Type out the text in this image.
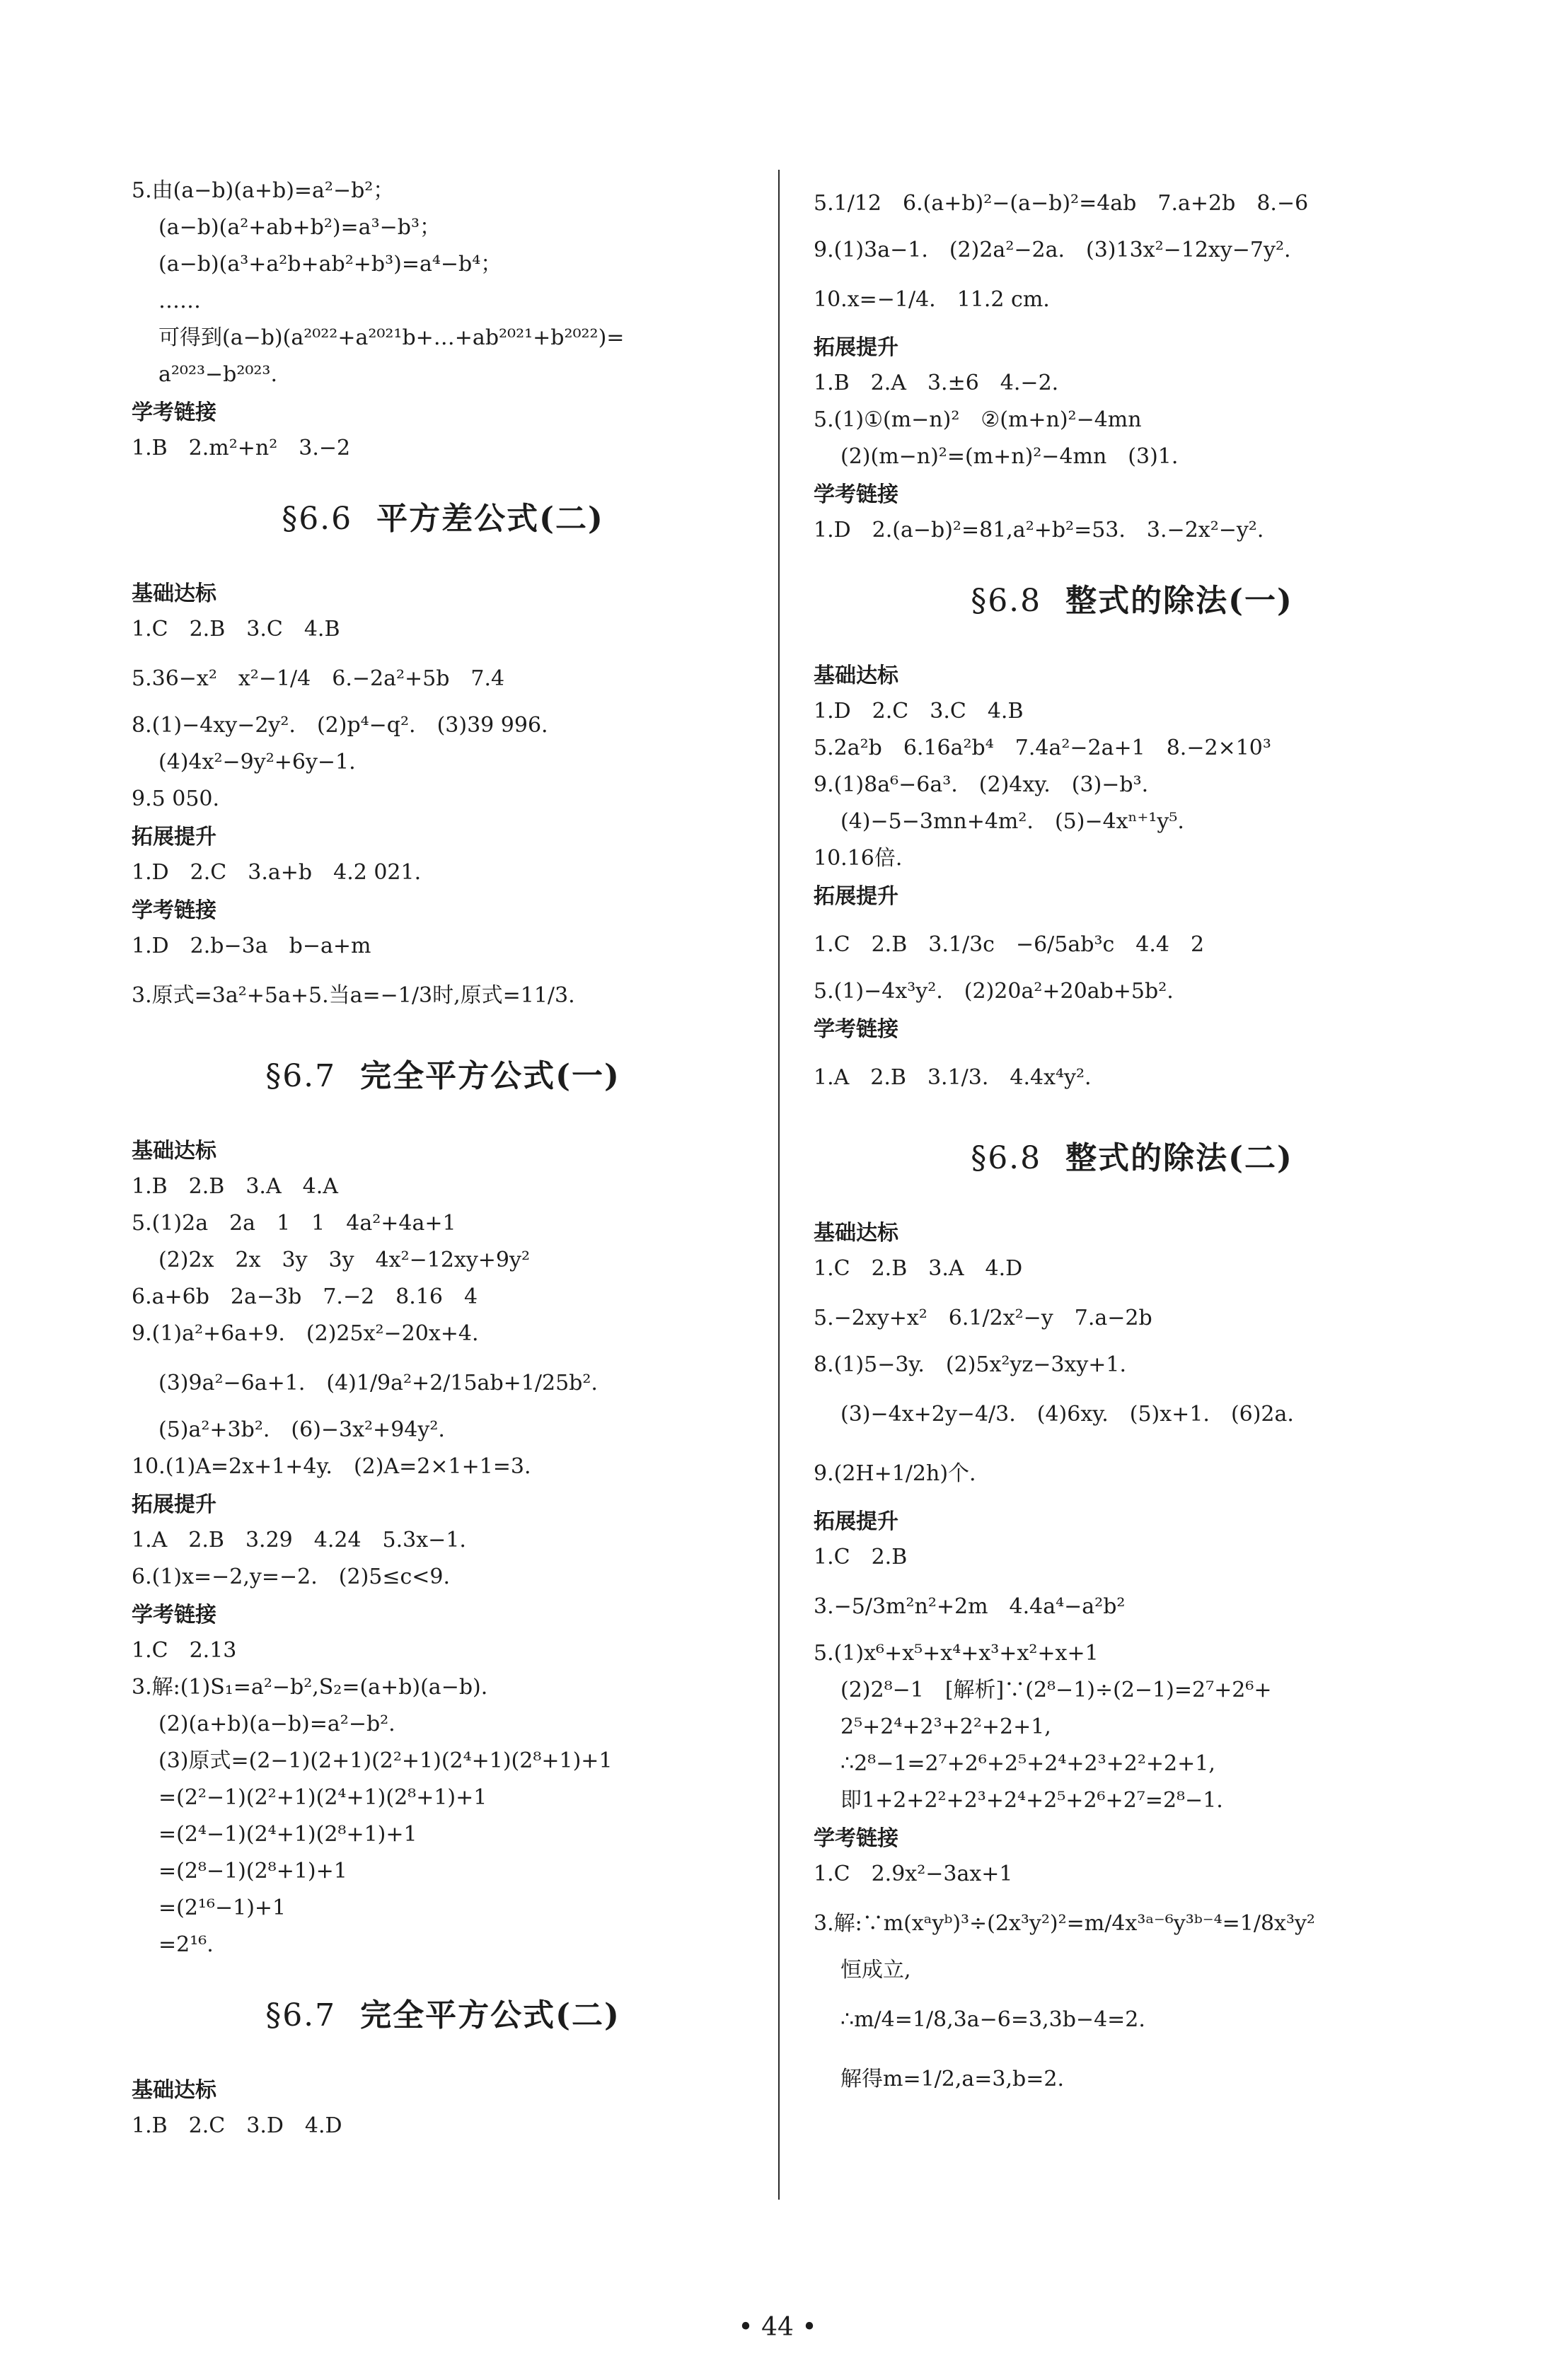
5.由(a−b)(a+b)=a²−b²；
(a−b)(a²+ab+b²)=a³−b³；
(a−b)(a³+a²b+ab²+b³)=a⁴−b⁴；
……
可得到(a−b)(a²⁰²²+a²⁰²¹b+…+ab²⁰²¹+b²⁰²²)=
a²⁰²³−b²⁰²³.
学考链接
1.B　2.m²+n²　3.−2
§6.6 平方差公式(二)
基础达标
1.C　2.B　3.C　4.B
5.36−x²　x²−1/4　6.−2a²+5b　7.4
8.(1)−4xy−2y².　(2)p⁴−q².　(3)39 996.
(4)4x²−9y²+6y−1.
9.5 050.
拓展提升
1.D　2.C　3.a+b　4.2 021.
学考链接
1.D　2.b−3a　b−a+m
3.原式=3a²+5a+5.当a=−1/3时,原式=11/3.
§6.7 完全平方公式(一)
基础达标
1.B　2.B　3.A　4.A
5.(1)2a　2a　1　1　4a²+4a+1
(2)2x　2x　3y　3y　4x²−12xy+9y²
6.a+6b　2a−3b　7.−2　8.16　4
9.(1)a²+6a+9.　(2)25x²−20x+4.
(3)9a²−6a+1.　(4)1/9a²+2/15ab+1/25b².
(5)a²+3b².　(6)−3x²+94y².
10.(1)A=2x+1+4y.　(2)A=2×1+1=3.
拓展提升
1.A　2.B　3.29　4.24　5.3x−1.
6.(1)x=−2,y=−2.　(2)5≤c<9.
学考链接
1.C　2.13
3.解:(1)S₁=a²−b²,S₂=(a+b)(a−b).
(2)(a+b)(a−b)=a²−b².
(3)原式=(2−1)(2+1)(2²+1)(2⁴+1)(2⁸+1)+1
=(2²−1)(2²+1)(2⁴+1)(2⁸+1)+1
=(2⁴−1)(2⁴+1)(2⁸+1)+1
=(2⁸−1)(2⁸+1)+1
=(2¹⁶−1)+1
=2¹⁶.
§6.7 完全平方公式(二)
基础达标
1.B　2.C　3.D　4.D
5.1/12　6.(a+b)²−(a−b)²=4ab　7.a+2b　8.−6
9.(1)3a−1.　(2)2a²−2a.　(3)13x²−12xy−7y².
10.x=−1/4.　11.2 cm.
拓展提升
1.B　2.A　3.±6　4.−2.
5.(1)①(m−n)²　②(m+n)²−4mn
(2)(m−n)²=(m+n)²−4mn　(3)1.
学考链接
1.D　2.(a−b)²=81,a²+b²=53.　3.−2x²−y².
§6.8 整式的除法(一)
基础达标
1.D　2.C　3.C　4.B
5.2a²b　6.16a²b⁴　7.4a²−2a+1　8.−2×10³
9.(1)8a⁶−6a³.　(2)4xy.　(3)−b³.
(4)−5−3mn+4m².　(5)−4xⁿ⁺¹y⁵.
10.16倍.
拓展提升
1.C　2.B　3.1/3c　−6/5ab³c　4.4　2
5.(1)−4x³y².　(2)20a²+20ab+5b².
学考链接
1.A　2.B　3.1/3.　4.4x⁴y².
§6.8 整式的除法(二)
基础达标
1.C　2.B　3.A　4.D
5.−2xy+x²　6.1/2x²−y　7.a−2b
8.(1)5−3y.　(2)5x²yz−3xy+1.
(3)−4x+2y−4/3.　(4)6xy.　(5)x+1.　(6)2a.
9.(2H+1/2h)个.
拓展提升
1.C　2.B
3.−5/3m²n²+2m　4.4a⁴−a²b²
5.(1)x⁶+x⁵+x⁴+x³+x²+x+1
(2)2⁸−1　[解析]∵(2⁸−1)÷(2−1)=2⁷+2⁶+
2⁵+2⁴+2³+2²+2+1,
∴2⁸−1=2⁷+2⁶+2⁵+2⁴+2³+2²+2+1,
即1+2+2²+2³+2⁴+2⁵+2⁶+2⁷=2⁸−1.
学考链接
1.C　2.9x²−3ax+1
3.解:∵m(xᵃyᵇ)³÷(2x³y²)²=m/4x³ᵃ⁻⁶y³ᵇ⁻⁴=1/8x³y²
恒成立,
∴m/4=1/8,3a−6=3,3b−4=2.
解得m=1/2,a=3,b=2.
• 44 •
